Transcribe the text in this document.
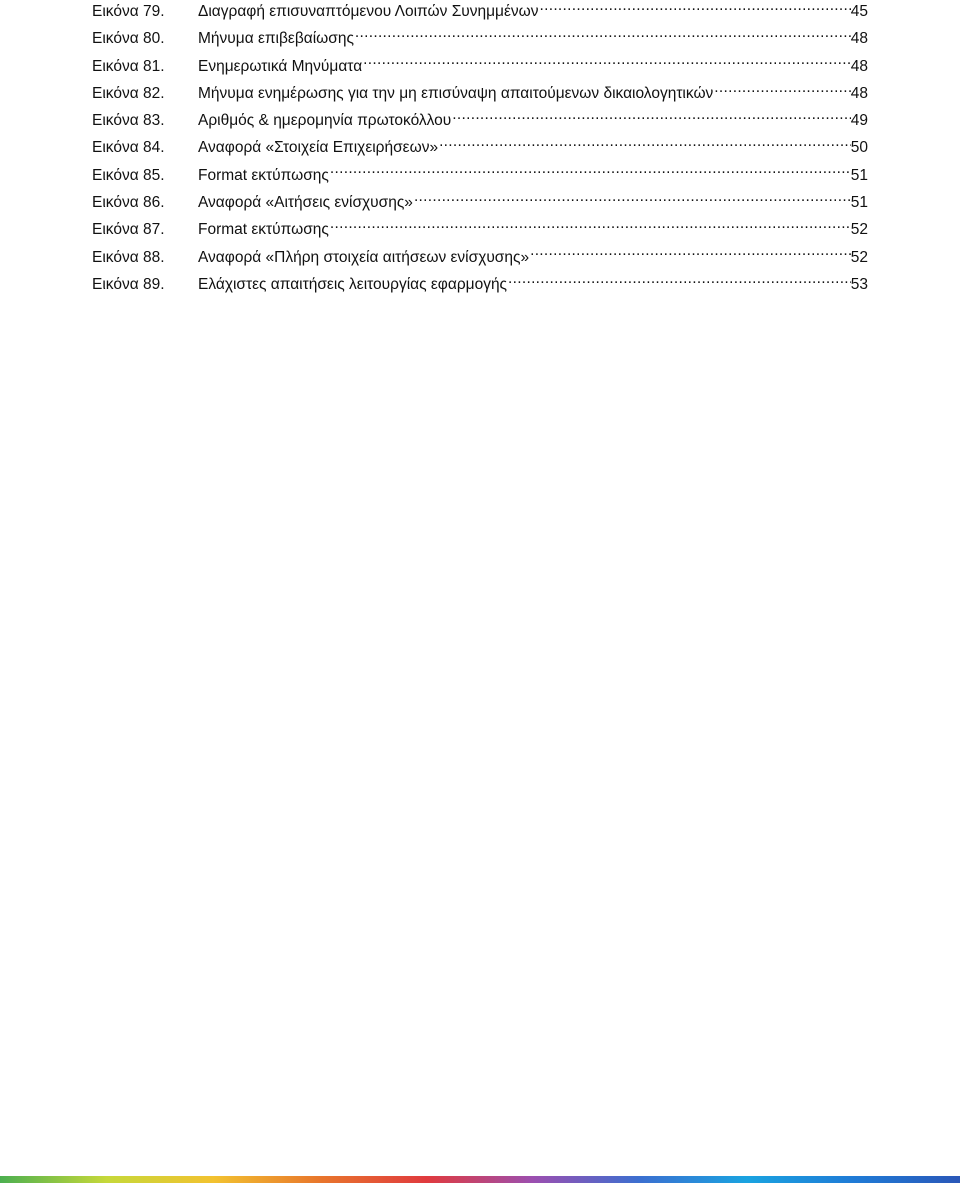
Εικόνα 79.	Διαγραφή επισυναπτόμενου Λοιπών Συνημμένων .....	45
Εικόνα 80.	Μήνυμα επιβεβαίωσης .....	48
Εικόνα 81.	Ενημερωτικά Μηνύματα .....	48
Εικόνα 82.	Μήνυμα ενημέρωσης για την μη επισύναψη απαιτούμενων δικαιολογητικών .....	48
Εικόνα 83.	Αριθμός & ημερομηνία πρωτοκόλλου .....	49
Εικόνα 84.	Αναφορά «Στοιχεία Επιχειρήσεων» .....	50
Εικόνα 85.	Format εκτύπωσης .....	51
Εικόνα 86.	Αναφορά «Αιτήσεις ενίσχυσης» .....	51
Εικόνα 87.	Format εκτύπωσης .....	52
Εικόνα 88.	Αναφορά «Πλήρη στοιχεία αιτήσεων ενίσχυσης» .....	52
Εικόνα 89.	Ελάχιστες απαιτήσεις λειτουργίας εφαρμογής .....	53
